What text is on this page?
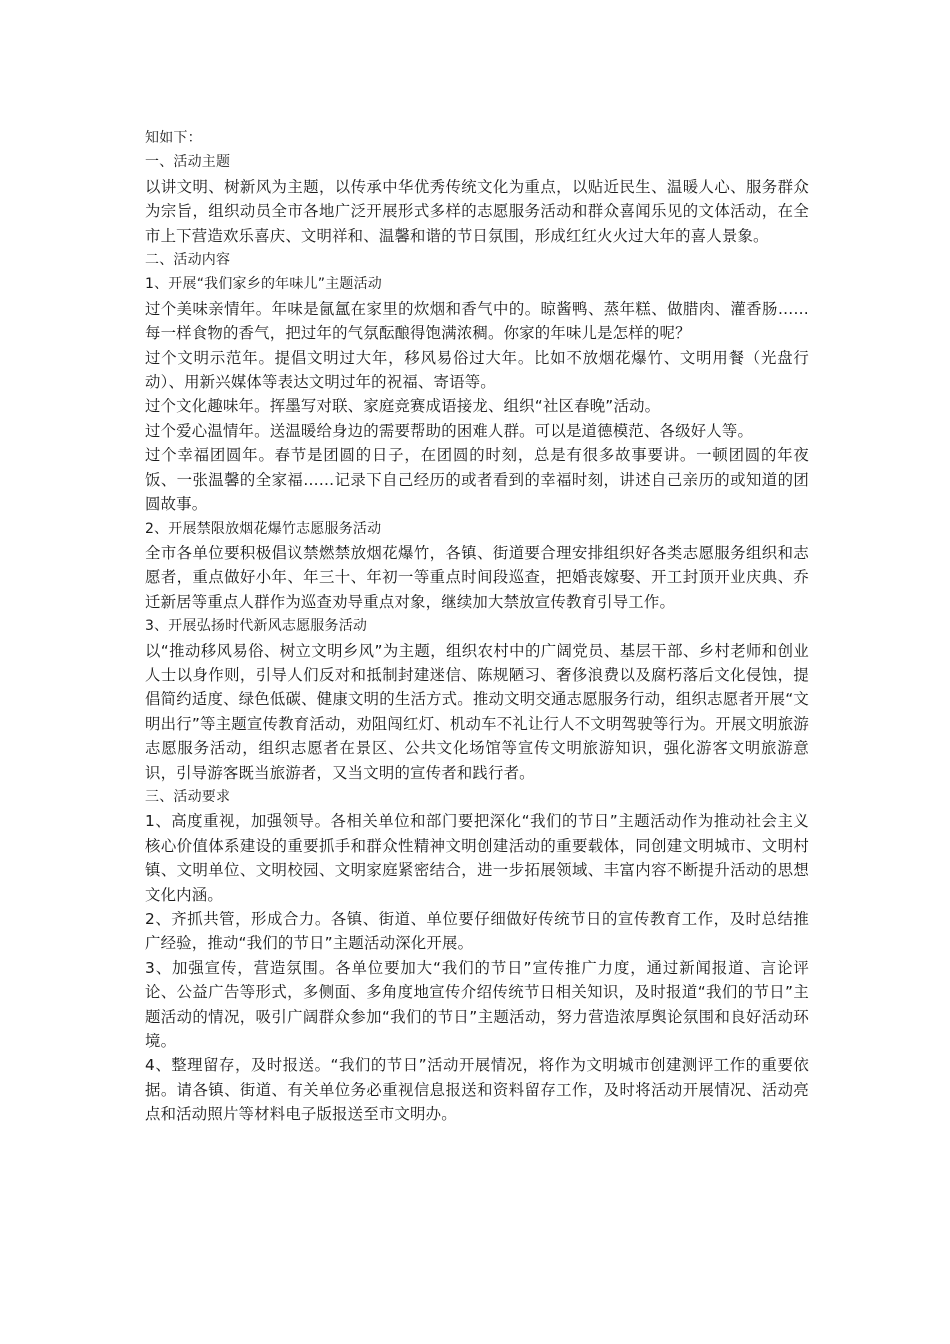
知如下：

一、活动主题

以讲文明、树新风为主题，以传承中华优秀传统文化为重点，以贴近民生、温暖人心、服务群众为宗旨，组织动员全市各地广泛开展形式多样的志愿服务活动和群众喜闻乐见的文体活动，在全市上下营造欢乐喜庆、文明祥和、温馨和谐的节日氛围，形成红红火火过大年的喜人景象。

二、活动内容

1、开展“我们家乡的年味儿”主题活动

过个美味亲情年。年味是氤氲在家里的炊烟和香气中的。晾酱鸭、蒸年糕、做腊肉、灌香肠……每一样食物的香气，把过年的气氛酝酿得饱满浓稠。你家的年味儿是怎样的呢？

过个文明示范年。提倡文明过大年，移风易俗过大年。比如不放烟花爆竹、文明用餐（光盘行动）、用新兴媒体等表达文明过年的祝福、寄语等。

过个文化趣味年。挥墨写对联、家庭竞赛成语接龙、组织“社区春晚”活动。

过个爱心温情年。送温暖给身边的需要帮助的困难人群。可以是道德模范、各级好人等。

过个幸福团圆年。春节是团圆的日子，在团圆的时刻，总是有很多故事要讲。一顿团圆的年夜饭、一张温馨的全家福……记录下自己经历的或者看到的幸福时刻，讲述自己亲历的或知道的团圆故事。

2、开展禁限放烟花爆竹志愿服务活动

全市各单位要积极倡议禁燃禁放烟花爆竹，各镇、街道要合理安排组织好各类志愿服务组织和志愿者，重点做好小年、年三十、年初一等重点时间段巡查，把婚丧嫁娶、开工封顶开业庆典、乔迁新居等重点人群作为巡查劝导重点对象，继续加大禁放宣传教育引导工作。

3、开展弘扬时代新风志愿服务活动

以“推动移风易俗、树立文明乡风”为主题，组织农村中的广阔党员、基层干部、乡村老师和创业人士以身作则，引导人们反对和抵制封建迷信、陈规陋习、奢侈浪费以及腐朽落后文化侵蚀，提倡简约适度、绿色低碳、健康文明的生活方式。推动文明交通志愿服务行动，组织志愿者开展“文明出行”等主题宣传教育活动，劝阻闯红灯、机动车不礼让行人不文明驾驶等行为。开展文明旅游志愿服务活动，组织志愿者在景区、公共文化场馆等宣传文明旅游知识，强化游客文明旅游意识，引导游客既当旅游者，又当文明的宣传者和践行者。

三、活动要求

1、高度重视，加强领导。各相关单位和部门要把深化“我们的节日”主题活动作为推动社会主义核心价值体系建设的重要抓手和群众性精神文明创建活动的重要载体，同创建文明城市、文明村镇、文明单位、文明校园、文明家庭紧密结合，进一步拓展领域、丰富内容不断提升活动的思想文化内涵。

2、齐抓共管，形成合力。各镇、街道、单位要仔细做好传统节日的宣传教育工作，及时总结推广经验，推动“我们的节日”主题活动深化开展。

3、加强宣传，营造氛围。各单位要加大“我们的节日”宣传推广力度，通过新闻报道、言论评论、公益广告等形式，多侧面、多角度地宣传介绍传统节日相关知识，及时报道“我们的节日”主题活动的情况，吸引广阔群众参加“我们的节日”主题活动，努力营造浓厚舆论氛围和良好活动环境。

4、整理留存，及时报送。“我们的节日”活动开展情况，将作为文明城市创建测评工作的重要依据。请各镇、街道、有关单位务必重视信息报送和资料留存工作，及时将活动开展情况、活动亮点和活动照片等材料电子版报送至市文明办。
